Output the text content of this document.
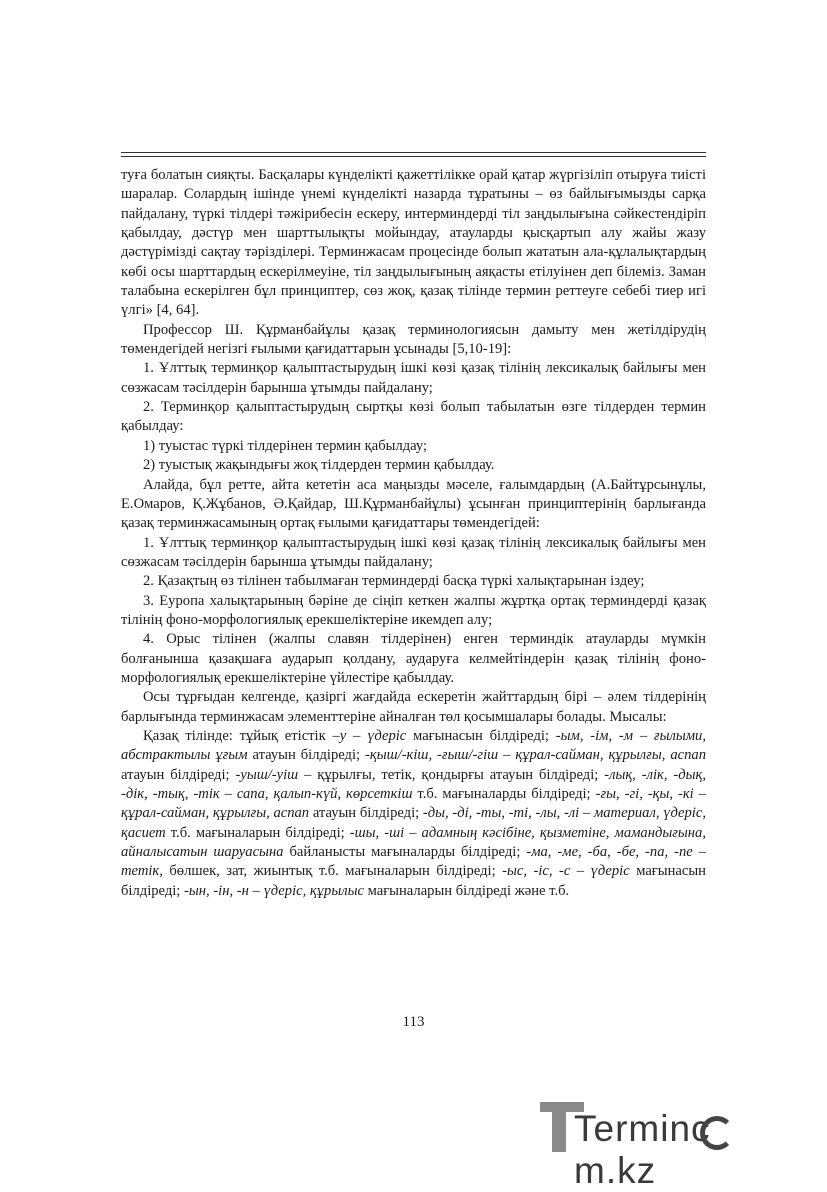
туға болатын сияқты. Басқалары күнделікті қажеттілікке орай қатар жүргізіліп отыруға тиісті шаралар. Солардың ішінде үнемі күнделікті назарда тұратыны – өз байлығымызды сарқа пайдалану, түркі тілдері тәжірибесін ескеру, интерминдерді тіл заңдылығына сәйкестендіріп қабылдау, дәстүр мен шарттылықты мойындау, атауларды қысқартып алу жайы жазу дәстүрімізді сақтау тәрізділері. Терминжасам процесінде болып жататын ала-құлалықтардың көбі осы шарттардың ескерілмеуіне, тіл заңдылығының аяқасты етілуінен деп білеміз. Заман талабына ескерілген бұл принциптер, сөз жоқ, қазақ тілінде термин реттеуге себебі тиер игі үлгі» [4, 64].

Профессор Ш. Құрманбайұлы қазақ терминологиясын дамыту мен жетілдірудің төмендегідей негізгі ғылыми қағидаттарын ұсынады [5,10-19]:

1. Ұлттық терминқор қалыптастырудың ішкі көзі қазақ тілінің лексикалық байлығы мен сөзжасам тәсілдерін барынша ұтымды пайдалану;

2. Терминқор қалыптастырудың сыртқы көзі болып табылатын өзге тілдерден термин қабылдау:

1) туыстас түркі тілдерінен термин қабылдау;

2) туыстық жақындығы жоқ тілдерден термин қабылдау.

Алайда, бұл ретте, айта кететін аса маңызды мәселе, ғалымдардың (А.Байтұрсынұлы, Е.Омаров, Қ.Жұбанов, Ә.Қайдар, Ш.Құрманбайұлы) ұсынған принциптерінің барлығанда қазақ терминжасамының ортақ ғылыми қағидаттары төмендегідей:

1. Ұлттық терминқор қалыптастырудың ішкі көзі қазақ тілінің лексикалық байлығы мен сөзжасам тәсілдерін барынша ұтымды пайдалану;

2. Қазақтың өз тілінен табылмаған терминдерді басқа түркі халықтарынан іздеу;

3. Еуропа халықтарының бәріне де сіңіп кеткен жалпы жұртқа ортақ терминдерді қазақ тілінің фоно-морфологиялық ерекшеліктеріне икемдеп алу;

4. Орыс тілінен (жалпы славян тілдерінен) енген терминдік атауларды мүмкін болғанынша қазақшаға аударып қолдану, аударуға келмейтіндерін қазақ тілінің фоно-морфологиялық ерекшеліктеріне үйлестіре қабылдау.

Осы тұрғыдан келгенде, қазіргі жағдайда ескеретін жайттардың бірі – әлем тілдерінің барлығында терминжасам элементтеріне айналған төл қосымшалары болады. Мысалы:

Қазақ тілінде: тұйық етістік –у – үдеріс мағынасын білдіреді; -ым, -ім, -м – ғылыми, абстрактылы ұғым атауын білдіреді; -қыш/-кіш, -ғыш/-гіш – құрал-сайман, құрылғы, аспап атауын білдіреді; -уыш/-уіш – құрылғы, тетік, қондырғы атауын білдіреді; -лық, -лік, -дық, -дік, -тық, -тік – сапа, қалып-күй, көрсеткіш т.б. мағыналарды білдіреді; -ғы, -гі, -қы, -кі – құрал-сайман, құрылғы, аспап атауын білдіреді; -ды, -ді, -ты, -ті, -лы, -лі – материал, үдеріс, қасиет т.б. мағыналарын білдіреді; -шы, -ші – адамның кәсібіне, қызметіне, мамандығына, айналысатын шаруасына байланысты мағыналарды білдіреді; -ма, -ме, -ба, -бе, -па, -пе – тетік, бөлшек, зат, жиынтық т.б. мағыналарын білдіреді; -ыс, -іс, -с – үдеріс мағынасын білдіреді; -ын, -ін, -н – үдеріс, құрылыс мағыналарын білдіреді және т.б.

113
Termincm.kz
